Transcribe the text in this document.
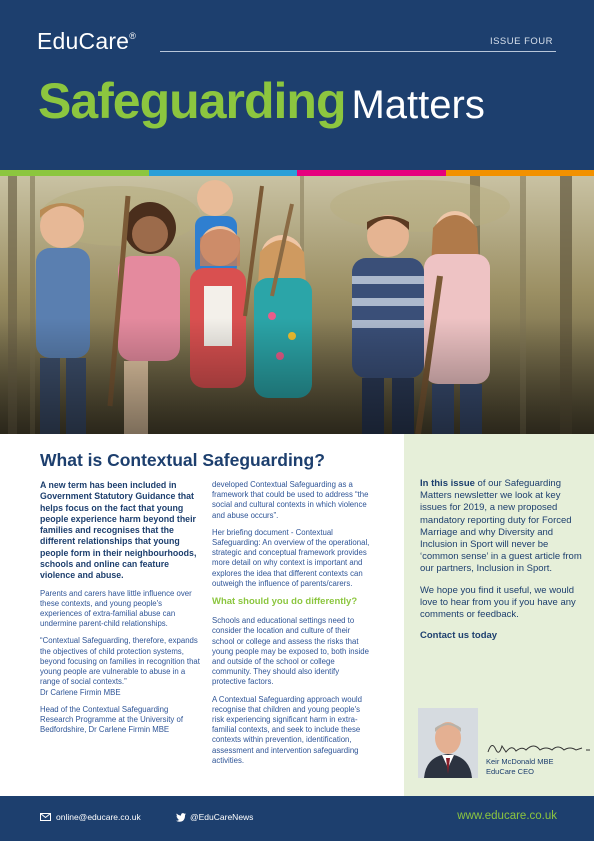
EduCare®	ISSUE FOUR
Safeguarding Matters
What is Contextual Safeguarding?

A new term has been included in Government Statutory Guidance that helps focus on the fact that young people experience harm beyond their families and recognises that the different relationships that young people form in their neighbourhoods, schools and online can feature violence and abuse.

Parents and carers have little influence over these contexts, and young people's experiences of extra-familial abuse can undermine parent-child relationships.

“Contextual Safeguarding, therefore, expands the objectives of child protection systems, beyond focusing on families in recognition that young people are vulnerable to abuse in a range of social contexts.”
Dr Carlene Firmin MBE

Head of the Contextual Safeguarding Research Programme at the University of Bedfordshire, Dr Carlene Firmin MBE

developed Contextual Safeguarding as a framework that could be used to address “the social and cultural contexts in which violence and abuse occurs”.

Her briefing document - Contextual Safeguarding: An overview of the operational, strategic and conceptual framework provides more detail on why context is important and explores the idea that different contexts can outweigh the influence of parents/carers.

What should you do differently?

Schools and educational settings need to consider the location and culture of their school or college and assess the risks that young people may be exposed to, both inside and outside of the school or college community. They should also identify protective factors.

A Contextual Safeguarding approach would recognise that children and young people's risk experiencing significant harm in extra-familial contexts, and seek to include these contexts within prevention, identification, assessment and intervention safeguarding activities.

In this issue of our Safeguarding Matters newsletter we look at key issues for 2019, a new proposed mandatory reporting duty for Forced Marriage and why Diversity and Inclusion in Sport will never be ‘common sense’ in a guest article from our partners, Inclusion in Sport.

We hope you find it useful, we would love to hear from you if you have any comments or feedback.

Contact us today
Keir McDonald MBE
EduCare CEO
online@educare.co.uk	@EduCareNews	www.educare.co.uk
